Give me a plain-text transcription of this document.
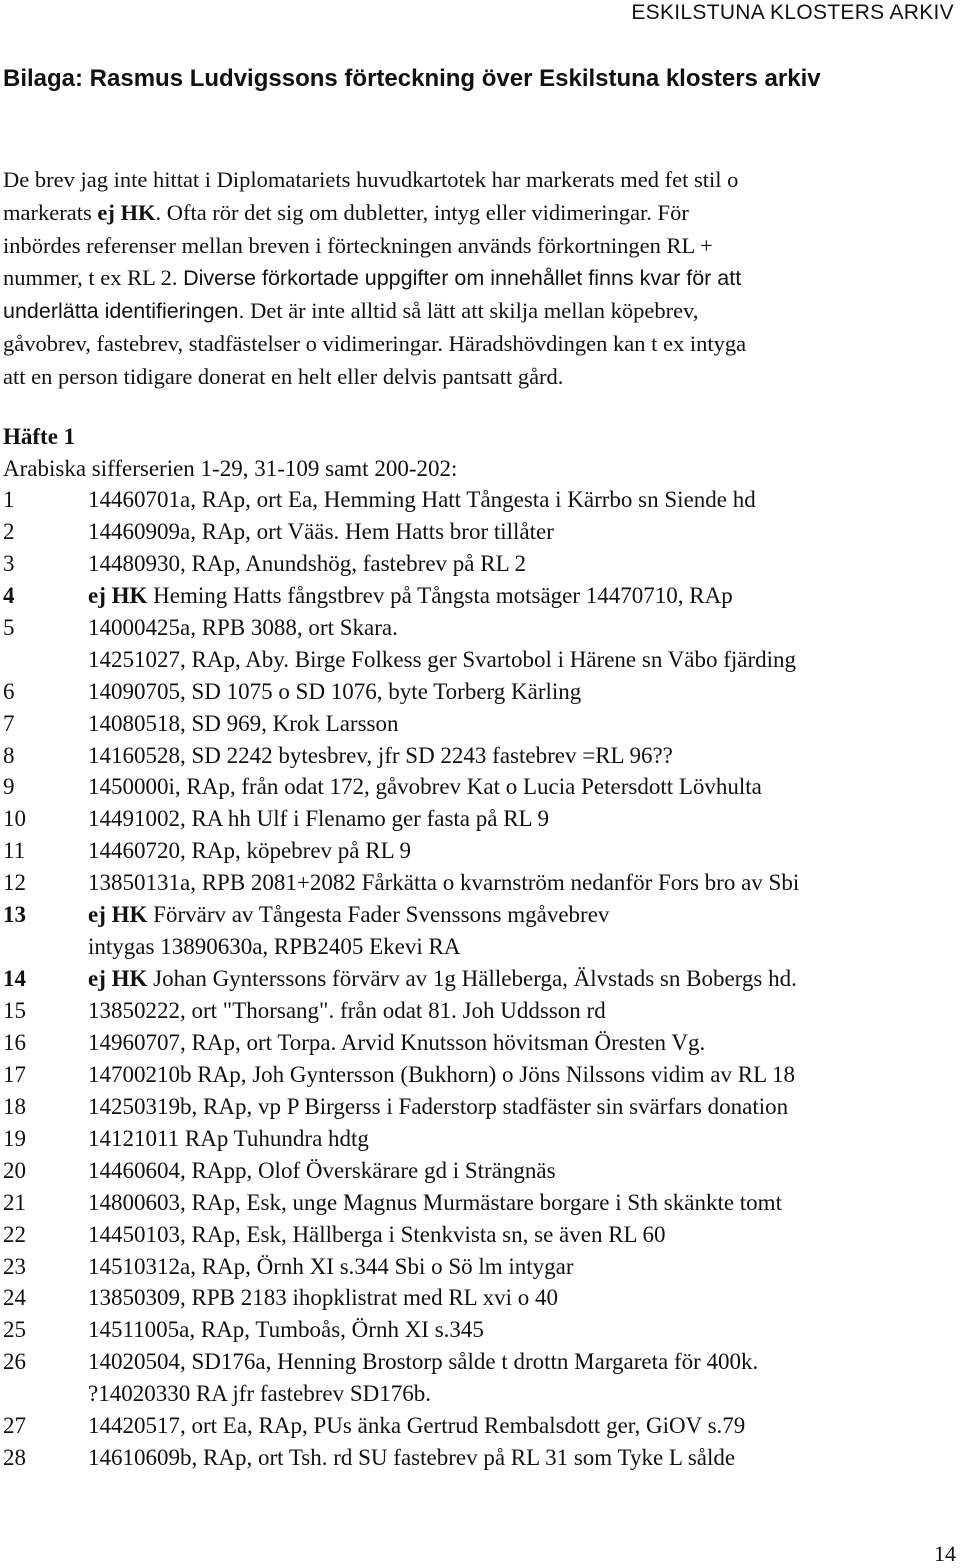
ESKILSTUNA KLOSTERS ARKIV
Bilaga: Rasmus Ludvigssons förteckning över Eskilstuna klosters arkiv
De brev jag inte hittat i Diplomatariets huvudkartotek har markerats med fet stil o
markerats ej HK. Ofta rör det sig om dubletter, intyg eller vidimeringar. För
inbördes referenser mellan breven i förteckningen används förkortningen RL +
nummer, t ex RL 2. Diverse förkortade uppgifter om innehållet finns kvar för att
underlätta identifieringen. Det är inte alltid så lätt att skilja mellan köpebrev,
gåvobrev, fastebrev, stadfästelser o vidimeringar. Häradshövdingen kan t ex intyga
att en person tidigare donerat en helt eller delvis pantsatt gård.
Häfte 1
Arabiska sifferserien 1-29, 31-109 samt 200-202:
1	14460701a, RAp, ort Ea, Hemming Hatt Tångesta i Kärrbo sn Siende hd
2	14460909a, RAp, ort Vääs. Hem Hatts bror tillåter
3	14480930, RAp, Anundshög, fastebrev på RL 2
4	ej HK Heming Hatts fångstbrev på Tångsta motsäger 14470710, RAp
5	14000425a, RPB 3088, ort Skara.
14251027, RAp, Aby. Birge Folkess ger Svartobol i Härene sn Väbo fjärding
6	14090705, SD 1075 o SD 1076, byte Torberg Kärling
7	14080518, SD 969, Krok Larsson
8	14160528, SD 2242 bytesbrev, jfr SD 2243 fastebrev =RL 96??
9	1450000i, RAp, från odat 172, gåvobrev Kat o Lucia Petersdott Lövhulta
10	14491002, RA hh Ulf i Flenamo ger fasta på RL 9
11	14460720, RAp, köpebrev på RL 9
12	13850131a, RPB 2081+2082 Fårkätta o kvarnström nedanför Fors bro av Sbi
13	ej HK Förvärv av Tångesta Fader Svenssons mgåvebrev
intygas 13890630a, RPB2405 Ekevi RA
14	ej HK Johan Gynterssons förvärv av 1g Hälleberga, Älvstads sn Bobergs hd.
15	13850222, ort "Thorsang". från odat 81. Joh Uddsson rd
16	14960707, RAp, ort Torpa. Arvid Knutsson hövitsman Öresten Vg.
17	14700210b RAp, Joh Gyntersson (Bukhorn) o Jöns Nilssons vidim av RL 18
18	14250319b, RAp, vp P Birgerss i Faderstorp stadfäster sin svärfars donation
19	14121011 RAp Tuhundra hdtg
20	14460604, RApp, Olof Överskärare gd i Strängnäs
21	14800603, RAp, Esk, unge Magnus Murmästare borgare i Sth skänkte tomt
22	14450103, RAp, Esk, Hällberga i Stenkvista sn, se även RL 60
23	14510312a, RAp, Örnh XI s.344 Sbi o Sö lm intygar
24	13850309, RPB 2183 ihopklistrat med RL xvi o 40
25	14511005a, RAp, Tumboås, Örnh XI s.345
26	14020504, SD176a, Henning Brostorp sålde t drottn Margareta för 400k.
?14020330 RA jfr fastebrev SD176b.
27	14420517, ort Ea, RAp, PUs änka Gertrud Rembalsdott ger, GiOV s.79
28	14610609b, RAp, ort Tsh. rd SU fastebrev på RL 31 som Tyke L sålde
14
